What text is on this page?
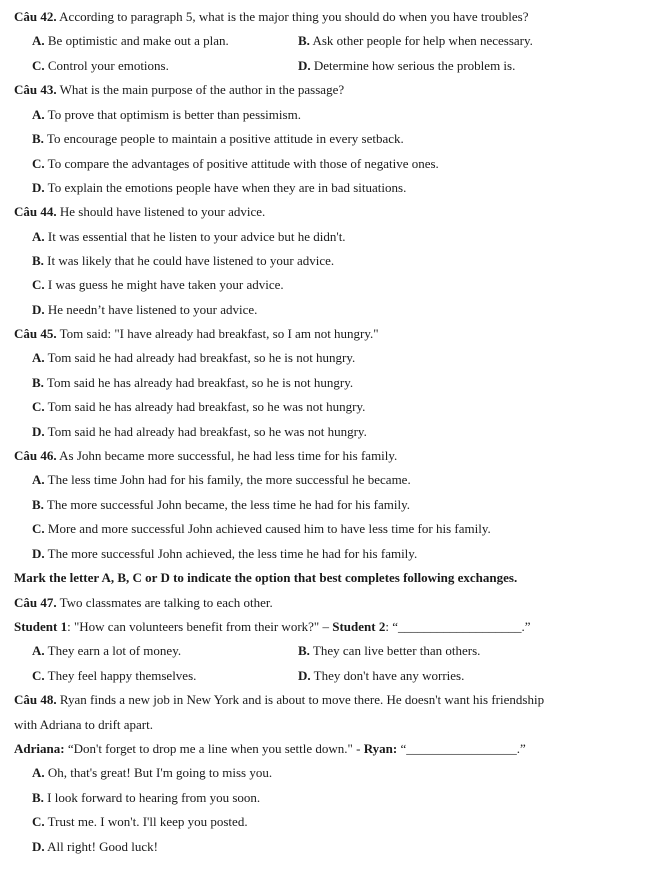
Câu 42. According to paragraph 5, what is the major thing you should do when you have troubles?
A. Be optimistic and make out a plan.	B. Ask other people for help when necessary.
C. Control your emotions.	D. Determine how serious the problem is.
Câu 43. What is the main purpose of the author in the passage?
A. To prove that optimism is better than pessimism.
B. To encourage people to maintain a positive attitude in every setback.
C. To compare the advantages of positive attitude with those of negative ones.
D. To explain the emotions people have when they are in bad situations.
Câu 44. He should have listened to your advice.
A. It was essential that he listen to your advice but he didn't.
B. It was likely that he could have listened to your advice.
C. I was guess he might have taken your advice.
D. He needn’t have listened to your advice.
Câu 45. Tom said: "I have already had breakfast, so I am not hungry."
A. Tom said he had already had breakfast, so he is not hungry.
B. Tom said he has already had breakfast, so he is not hungry.
C. Tom said he has already had breakfast, so he was not hungry.
D. Tom said he had already had breakfast, so he was not hungry.
Câu 46. As John became more successful, he had less time for his family.
A. The less time John had for his family, the more successful he became.
B. The more successful John became, the less time he had for his family.
C. More and more successful John achieved caused him to have less time for his family.
D. The more successful John achieved, the less time he had for his family.
Mark the letter A, B, C or D to indicate the option that best completes following exchanges.
Câu 47. Two classmates are talking to each other.
Student 1: "How can volunteers benefit from their work?" – Student 2: “___________________.”
A. They earn a lot of money.	B. They can live better than others.
C. They feel happy themselves.	D. They don't have any worries.
Câu 48. Ryan finds a new job in New York and is about to move there. He doesn't want his friendship
with Adriana to drift apart.
Adriana: “Don't forget to drop me a line when you settle down." - Ryan: “_________________.”
A. Oh, that's great! But I'm going to miss you.
B. I look forward to hearing from you soon.
C. Trust me. I won't. I'll keep you posted.
D. All right! Good luck!
